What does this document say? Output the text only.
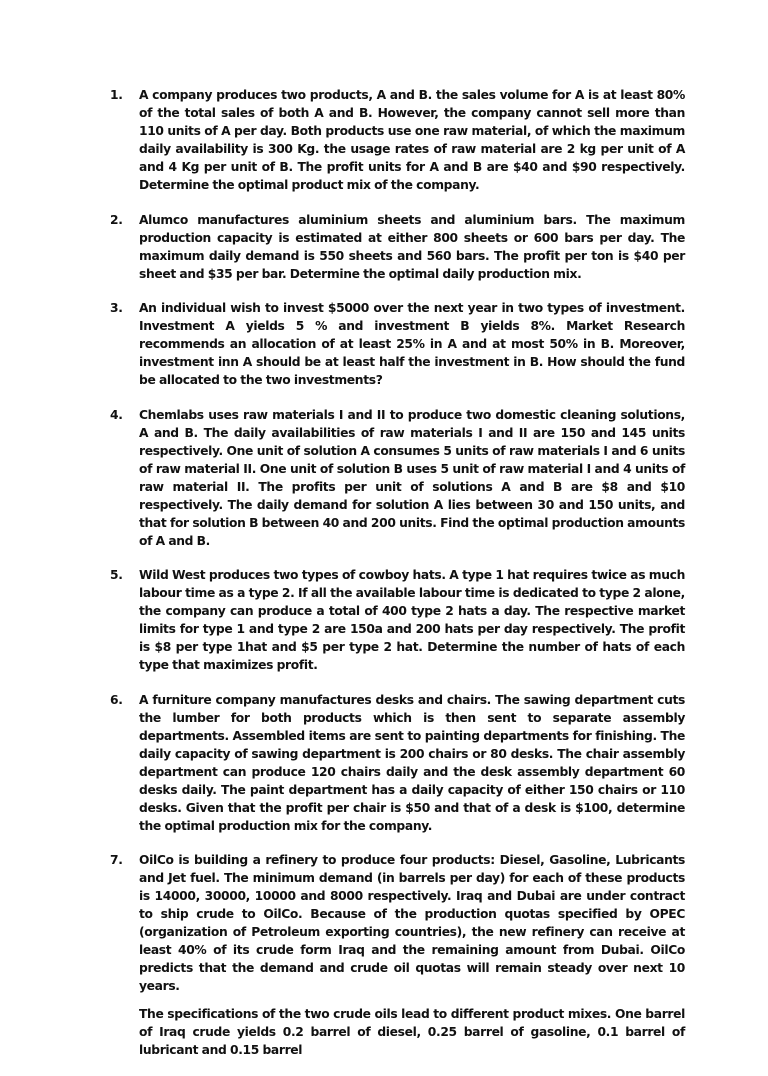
1.	A company produces two products, A and B. the sales volume for A is at least 80% of the total sales of both A and B. However, the company cannot sell more than 110 units of A per day. Both products use one raw material, of which the maximum daily availability is 300 Kg. the usage rates of raw material are 2 kg per unit of A and 4 Kg per unit of B. The profit units for A and B are $40 and $90 respectively. Determine the optimal product mix of the company.

2.	Alumco manufactures aluminium sheets and aluminium bars. The maximum production capacity is estimated at either 800 sheets or 600 bars per day. The maximum daily demand is 550 sheets and 560 bars. The profit per ton is $40 per sheet and $35 per bar. Determine the optimal daily production mix.

3.	An individual wish to invest $5000 over the next year in two types of investment. Investment A yields 5 % and investment B yields 8%. Market Research recommends an allocation of at least 25% in A and at most 50% in B. Moreover, investment inn A should be at least half the investment in B. How should the fund be allocated to the two investments?

4.	Chemlabs uses raw materials I and II to produce two domestic cleaning solutions, A and B. The daily availabilities of raw materials I and II are 150 and 145 units respectively. One unit of solution A consumes 5 units of raw materials I and 6 units of raw material II. One unit of solution B uses 5 unit of raw material I and 4 units of raw material II. The profits per unit of solutions A and B are $8 and $10 respectively. The daily demand for solution A lies between 30 and 150 units, and that for solution B between 40 and 200 units. Find the optimal production amounts of A and B.

5.	Wild West produces two types of cowboy hats. A type 1 hat requires twice as much labour time as a type 2. If all the available labour time is dedicated to type 2 alone, the company can produce a total of 400 type 2 hats a day. The respective market limits for type 1 and type 2 are 150a and 200 hats per day respectively. The profit is $8 per type 1hat and $5 per type 2 hat. Determine the number of hats of each type that maximizes profit.

6.	A furniture company manufactures desks and chairs. The sawing department cuts the lumber for both products which is then sent to separate assembly departments. Assembled items are sent to painting departments for finishing. The daily capacity of sawing department is 200 chairs or 80 desks. The chair assembly department can produce 120 chairs daily and the desk assembly department 60 desks daily. The paint department has a daily capacity of either 150 chairs or 110 desks. Given that the profit per chair is $50 and that of a desk is $100, determine the optimal production mix for the company.

7.	OilCo is building a refinery to produce four products: Diesel, Gasoline, Lubricants and Jet fuel. The minimum demand (in barrels per day) for each of these products is 14000, 30000, 10000 and 8000 respectively. Iraq and Dubai are under contract to ship crude to OilCo. Because of the production quotas specified by OPEC (organization of Petroleum exporting countries), the new refinery can receive at least 40% of its crude form Iraq and the remaining amount from Dubai. OilCo predicts that the demand and crude oil quotas will remain steady over next 10 years.

The specifications of the two crude oils lead to different product mixes. One barrel of Iraq crude yields 0.2 barrel of diesel, 0.25 barrel of gasoline, 0.1 barrel of lubricant and 0.15 barrel
